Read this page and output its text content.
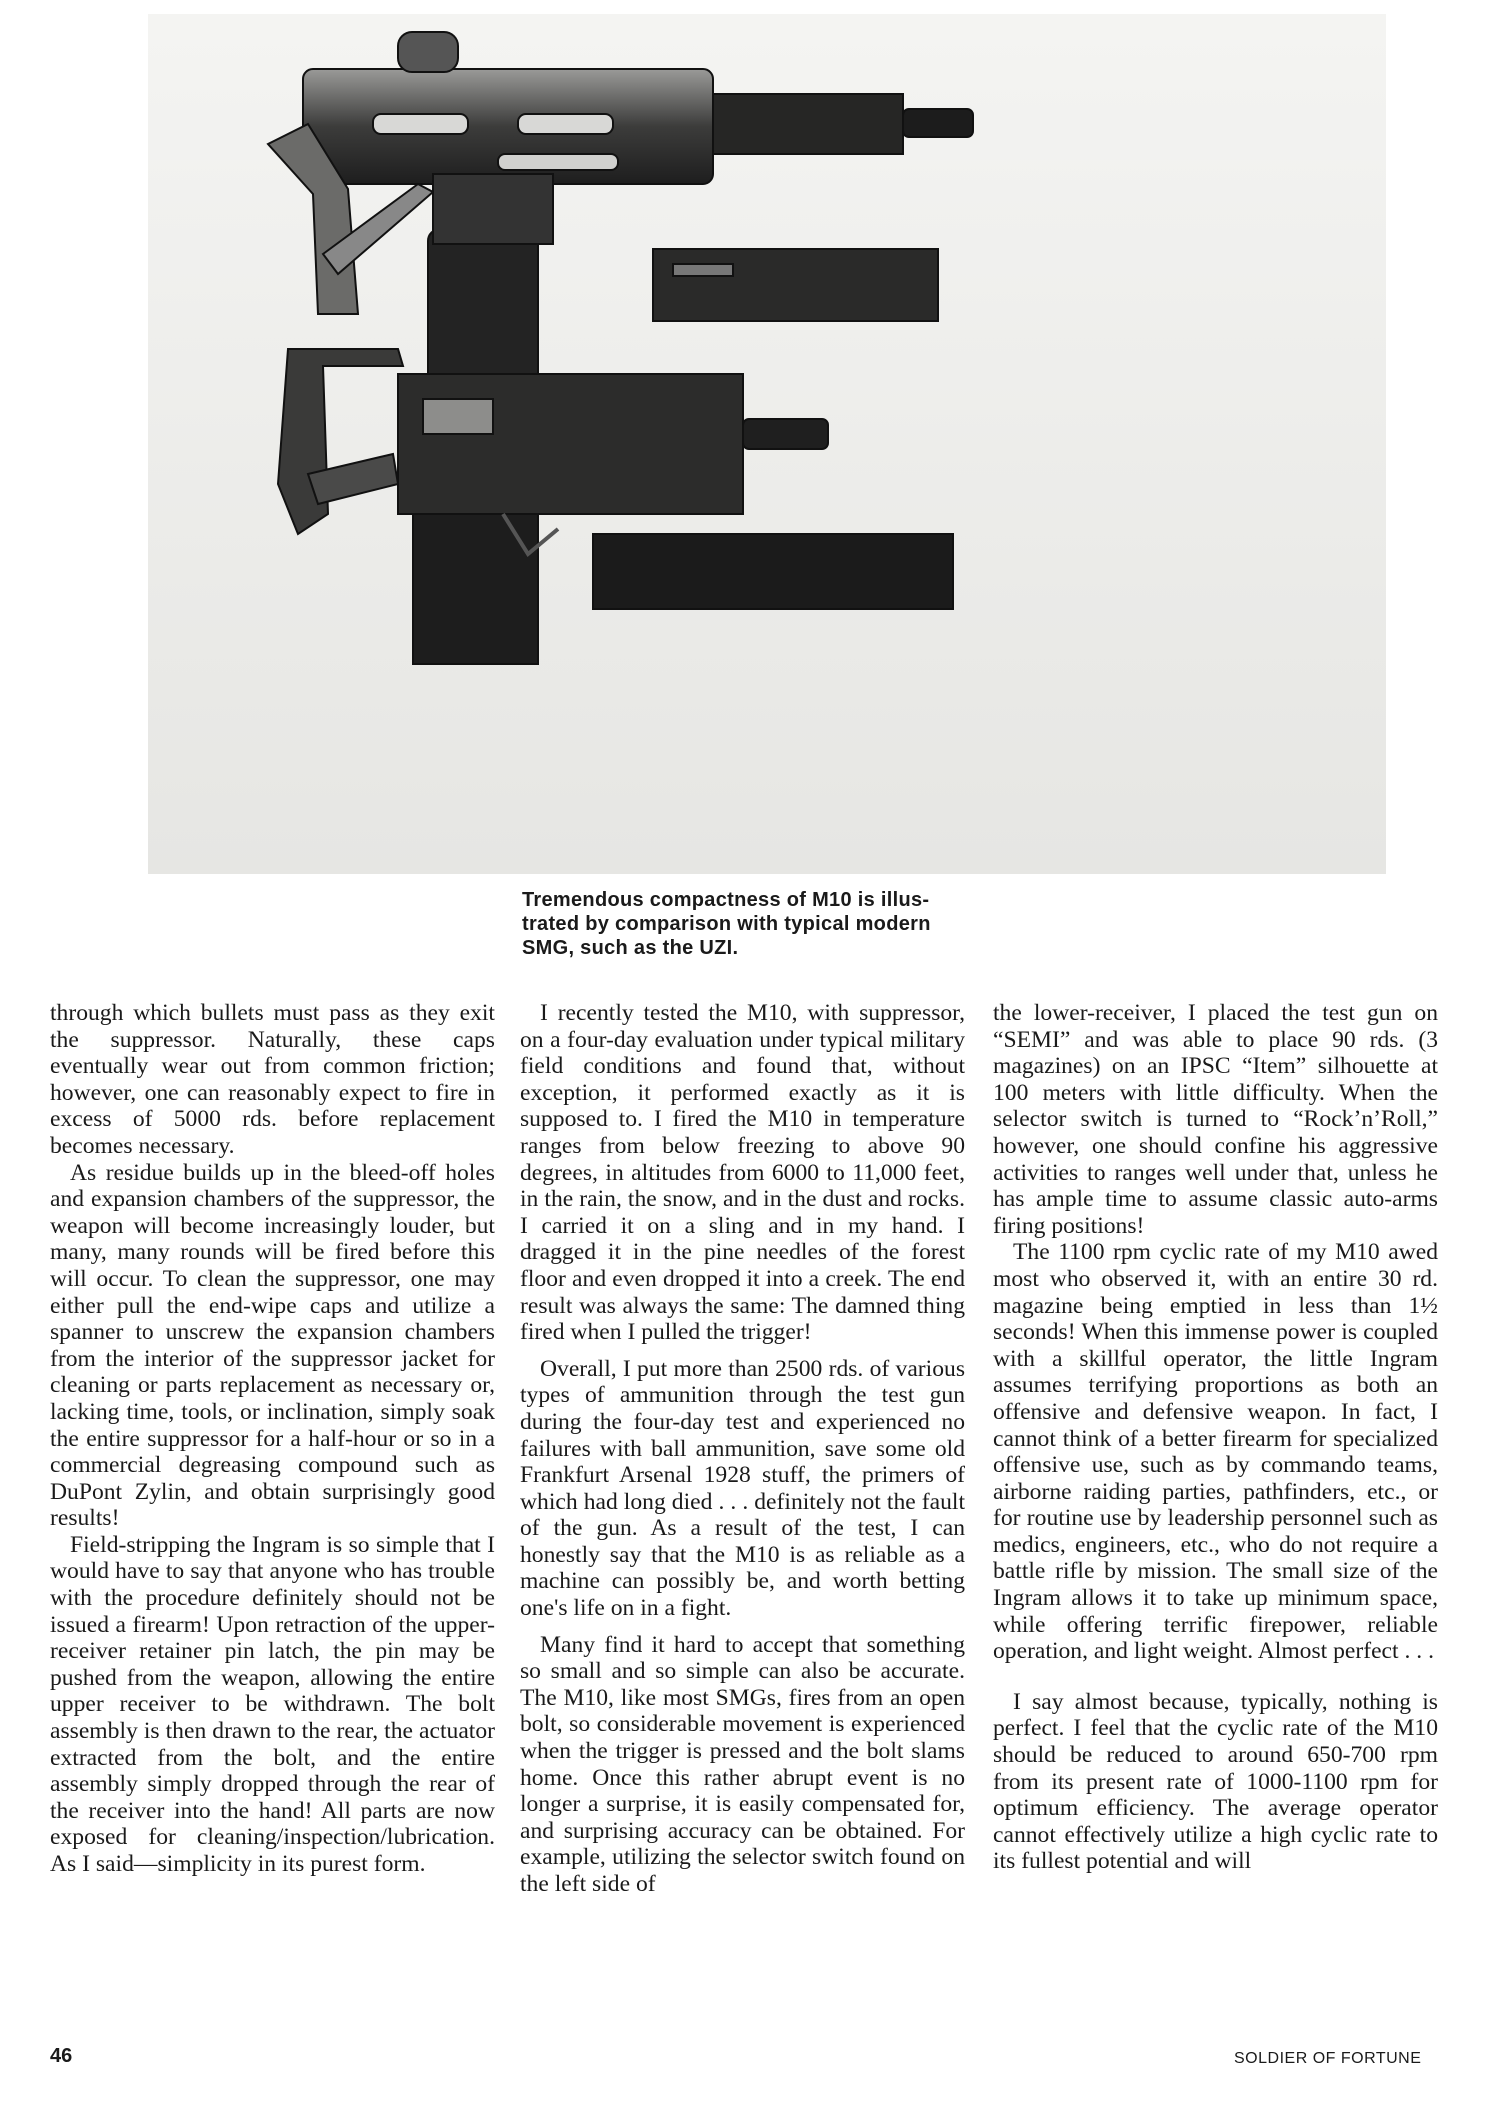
Tremendous compactness of M10 is illus-
trated by comparison with typical modern
SMG, such as the UZI.

through which bullets must pass as they exit the suppressor. Naturally, these caps eventually wear out from common friction; however, one can reasonably expect to fire in excess of 5000 rds. before replacement becomes necessary.

As residue builds up in the bleed-off holes and expansion chambers of the suppressor, the weapon will become increasingly louder, but many, many rounds will be fired before this will occur. To clean the suppressor, one may either pull the end-wipe caps and utilize a spanner to unscrew the expansion chambers from the interior of the suppressor jacket for cleaning or parts replacement as necessary or, lacking time, tools, or inclination, simply soak the entire suppressor for a half-hour or so in a commercial degreasing compound such as DuPont Zylin, and obtain surprisingly good results!

Field-stripping the Ingram is so simple that I would have to say that anyone who has trouble with the procedure definitely should not be issued a firearm! Upon retraction of the upper-receiver retainer pin latch, the pin may be pushed from the weapon, allowing the entire upper receiver to be withdrawn. The bolt assembly is then drawn to the rear, the actuator extracted from the bolt, and the entire assembly simply dropped through the rear of the receiver into the hand! All parts are now exposed for cleaning/inspection/lubrication. As I said—simplicity in its purest form.

I recently tested the M10, with suppressor, on a four-day evaluation under typical military field conditions and found that, without exception, it performed exactly as it is supposed to. I fired the M10 in temperature ranges from below freezing to above 90 degrees, in altitudes from 6000 to 11,000 feet, in the rain, the snow, and in the dust and rocks. I carried it on a sling and in my hand. I dragged it in the pine needles of the forest floor and even dropped it into a creek. The end result was always the same: The damned thing fired when I pulled the trigger!

Overall, I put more than 2500 rds. of various types of ammunition through the test gun during the four-day test and experienced no failures with ball ammunition, save some old Frankfurt Arsenal 1928 stuff, the primers of which had long died . . . definitely not the fault of the gun. As a result of the test, I can honestly say that the M10 is as reliable as a machine can possibly be, and worth betting one's life on in a fight.

Many find it hard to accept that something so small and so simple can also be accurate. The M10, like most SMGs, fires from an open bolt, so considerable movement is experienced when the trigger is pressed and the bolt slams home. Once this rather abrupt event is no longer a surprise, it is easily compensated for, and surprising accuracy can be obtained. For example, utilizing the selector switch found on the left side of

the lower-receiver, I placed the test gun on “SEMI” and was able to place 90 rds. (3 magazines) on an IPSC “Item” silhouette at 100 meters with little difficulty. When the selector switch is turned to “Rock’n’Roll,” however, one should confine his aggressive activities to ranges well under that, unless he has ample time to assume classic auto-arms firing positions!

The 1100 rpm cyclic rate of my M10 awed most who observed it, with an entire 30 rd. magazine being emptied in less than 1½ seconds! When this immense power is coupled with a skillful operator, the little Ingram assumes terrifying proportions as both an offensive and defensive weapon. In fact, I cannot think of a better firearm for specialized offensive use, such as by commando teams, airborne raiding parties, pathfinders, etc., or for routine use by leadership personnel such as medics, engineers, etc., who do not require a battle rifle by mission. The small size of the Ingram allows it to take up minimum space, while offering terrific firepower, reliable operation, and light weight. Almost perfect . . .

I say almost because, typically, nothing is perfect. I feel that the cyclic rate of the M10 should be reduced to around 650-700 rpm from its present rate of 1000-1100 rpm for optimum efficiency. The average operator cannot effectively utilize a high cyclic rate to its fullest potential and will

46	SOLDIER OF FORTUNE
